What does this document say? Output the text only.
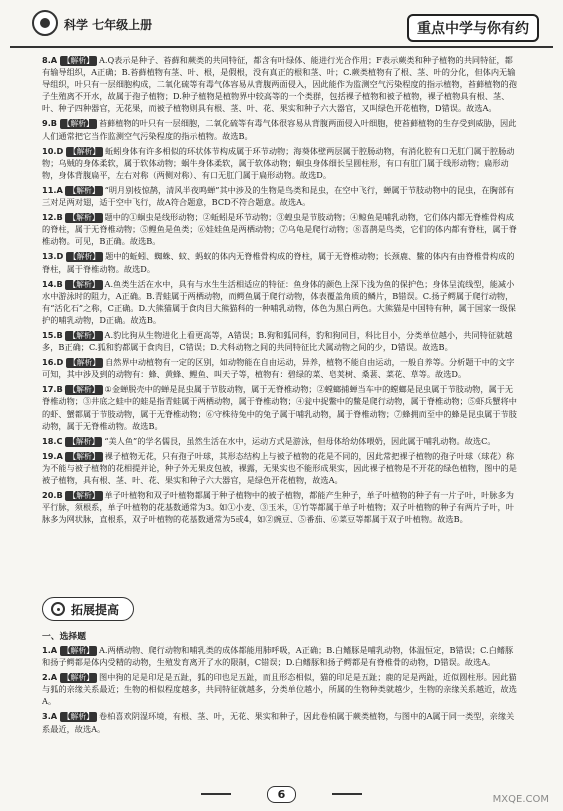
科学 七年级上册	重点中学与你有约

8.A 【解析】 A.Q表示是种子、苔藓和蕨类的共同特征，都含有叶绿体、能进行光合作用；F表示蕨类和种子植物的共同特征，都有输导组织，A正确；B.苔藓植物有茎、叶、根，是假根，没有真正的根和茎、叶；C.蕨类植物有了根、茎、叶的分化，但体内无输导组织，叶只有一层细胞构成，二氧化硫等有毒气体容易从背腹两面侵入，因此能作为监测空气污染程度的指示植物，苔藓植物的孢子生殖离不开水，故属于孢子植物；D.种子植物是植物界中较高等的一个类群，包括裸子植物和被子植物，裸子植物具有根、茎、叶、种子四种器官，无花果，而被子植物则具有根、茎、叶、花、果实和种子六大器官，又叫绿色开花植物，D错误。故选A。

9.B 【解析】 苔藓植物的叶只有一层细胞，二氧化硫等有毒气体很容易从背腹两面侵入叶细胞，使苔藓植物的生存受到威胁，因此人们通常把它当作监测空气污染程度的指示植物。故选B。

10.D 【解析】 蚯蚓身体有许多相似的环状体节构成属于环节动物；海葵体壁两层属于腔肠动物，有消化腔有口无肛门属于腔肠动物；乌贼的身体柔软，属于软体动物；蜗牛身体柔软，属于软体动物；蛔虫身体细长呈圆柱形，有口有肛门属于线形动物；扁形动物，身体背腹扁平，左右对称（两侧对称）、有口无肛门属于扁形动物。故选D。

11.A 【解析】 “明月别枝惊鹊，清风半夜鸣蝉”其中涉及的生物是鸟类和昆虫，在空中飞行，蝉属于节肢动物中的昆虫，在胸部有三对足两对翅，适于空中飞行，故A符合题意，BCD不符合题意。故选A。

12.B 【解析】 题中的①蛔虫是线形动物；②蚯蚓是环节动物；③蝗虫是节肢动物；④鲸鱼是哺乳动物，它们体内都无脊椎骨构成的脊柱，属于无脊椎动物；⑤鲤鱼是鱼类；⑥娃娃鱼是两栖动物；⑦乌龟是爬行动物；⑧喜鹊是鸟类，它们的体内都有脊柱，属于脊椎动物。可见，B正确。故选B。

13.D 【解析】 题中的蚯蚓、蜘蛛、蚊、蚂蚁的体内无脊椎骨构成的脊柱，属于无脊椎动物；长颈鹿、鳖的体内有由脊椎骨构成的脊柱，属于脊椎动物。故选D。

14.B 【解析】 A.鱼类生活在水中，具有与水生生活相适应的特征：鱼身体的颜色上深下浅为鱼的保护色；身体呈流线型，能减小水中游泳时的阻力，A正确。B.青蛙属于两栖动物，而鳄鱼属于爬行动物，体表覆盖角质的鳞片，B错误。C.扬子鳄属于爬行动物，有“活化石”之称，C正确。D.大熊猫属于食肉目大熊猫科的一种哺乳动物，体色为黑白两色。大熊猫是中国特有种，属于国家一级保护的哺乳动物，D正确。故选B。

15.B 【解析】 A.豹比狗从生物进化上看更高等，A错误；B.狗和狐同科，豹和狗同目，科比目小，分类单位越小，共同特征就越多，B正确；C.狐和豹都属于食肉目，C错误；D.犬科动物之间的共同特征比犬属动物之间的少，D错误。故选B。

16.D 【解析】 自然界中动植物有一定的区别，如动物能在自由运动，异养，植物不能自由运动，一般自养等。分析题干中的文字可知，其中涉及到的动物有：蜂、黄蜂、鲤鱼、叫天子等，植物有：碧绿的菜、皂荚树、桑葚、菜花、草等。故选D。

17.B 【解析】 ①金蝉脱壳中的蝉是昆虫属于节肢动物，属于无脊椎动物；②螳螂捕蝉当车中的螳螂是昆虫属于节肢动物，属于无脊椎动物；③井底之蛙中的蛙是指青蛙属于两栖动物，属于脊椎动物；④瓮中捉鳖中的鳖是爬行动物，属于脊椎动物；⑤虾兵蟹将中的虾、蟹都属于节肢动物，属于无脊椎动物；⑥守株待兔中的兔子属于哺乳动物，属于脊椎动物；⑦蜂拥而至中的蜂是昆虫属于节肢动物，属于无脊椎动物。故选B。

18.C 【解析】 “美人鱼”的学名儒艮，虽然生活在水中，运动方式是游泳，但母体给幼体喂奶，因此属于哺乳动物。故选C。

19.A 【解析】 裸子植物无花，只有孢子叶球，其形态结构上与被子植物的花是不同的，因此常把裸子植物的孢子叶球（球花）称为不能与被子植物的花相提并论，种子外无果皮包被，裸露，无果实也不能形成果实，因此裸子植物是不开花的绿色植物，图中的是被子植物，具有根、茎、叶、花、果实和种子六大器官，是绿色开花植物，故选A。

20.B 【解析】 单子叶植物和双子叶植物都属于种子植物中的被子植物，都能产生种子，单子叶植物的种子有一片子叶，叶脉多为平行脉，须根系，单子叶植物的花基数通常为3。如①小麦、③玉米，①竹等都属于单子叶植物；双子叶植物的种子有两片子叶，叶脉多为网状脉，直根系，双子叶植物的花基数通常为5或4，如②豌豆、⑤番茄、⑥菜豆等都属于双子叶植物。故选B。

拓展提高
一、选择题

1.A 【解析】 A.两栖动物、爬行动物和哺乳类的成体都能用肺呼吸，A正确；B.白鳍豚是哺乳动物，体温恒定，B错误；C.白鳍豚和扬子鳄都是体内受精的动物，生殖发育离开了水的限制，C错误；D.白鳍豚和扬子鳄都是有脊椎骨的动物，D错误。故选A。

2.A 【解析】 图中狗的足是印足是五趾，狐的印也足五趾，而且形态相似，猫的印足是五趾；鹿的足是两趾，近似圆柱形。因此猫与狐的亲缘关系最近；生物的相似程度越多，共同特征就越多，分类单位越小，所属的生物种类就越少，生物的亲缘关系越近，故选A。

3.A 【解析】 卷柏喜欢阴湿环境，有根、茎、叶，无花、果实和种子，因此卷柏属于蕨类植物，与图中的A属于同一类型，亲缘关系最近，故选A。

6	MXQE.COM
